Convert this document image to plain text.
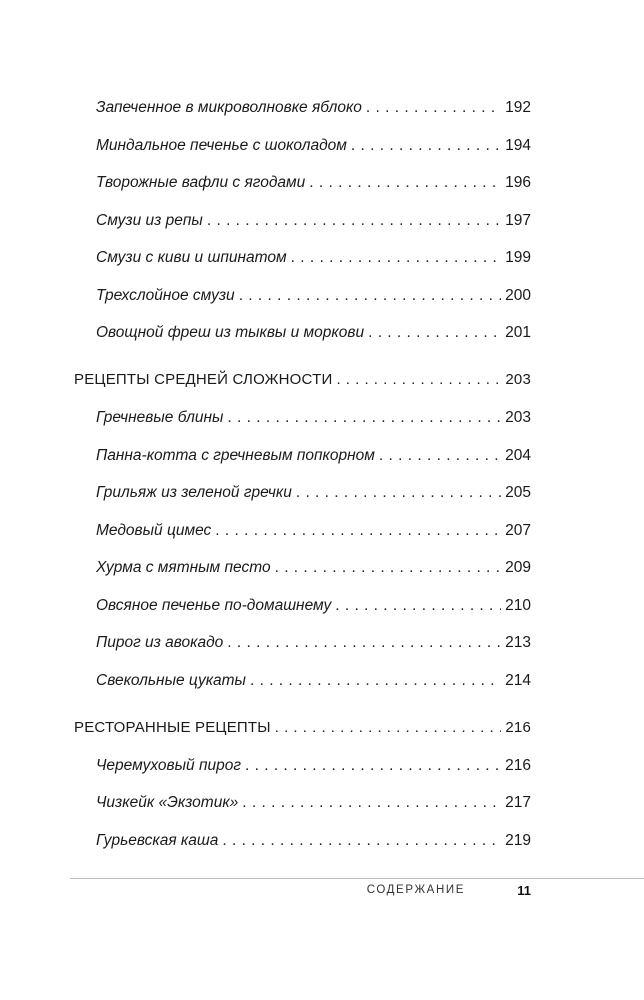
Запеченное в микроволновке яблоко . . .	192
Миндальное печенье с шоколадом . . .	194
Творожные вафли с ягодами . . .	196
Смузи из репы . . .	197
Смузи с киви и шпинатом . . .	199
Трехслойное смузи . . .	200
Овощной фреш из тыквы и моркови . . .	201
РЕЦЕПТЫ СРЕДНЕЙ СЛОЖНОСТИ . . .	203
Гречневые блины . . .	203
Панна-котта с гречневым попкорном . . .	204
Грильяж из зеленой гречки . . .	205
Медовый цимес . . .	207
Хурма с мятным песто . . .	209
Овсяное печенье по-домашнему . . .	210
Пирог из авокадо . . .	213
Свекольные цукаты . . .	214
РЕСТОРАННЫЕ РЕЦЕПТЫ . . .	216
Черемуховый пирог . . .	216
Чизкейк «Экзотик» . . .	217
Гурьевская каша . . .	219
СОДЕРЖАНИЕ	11
